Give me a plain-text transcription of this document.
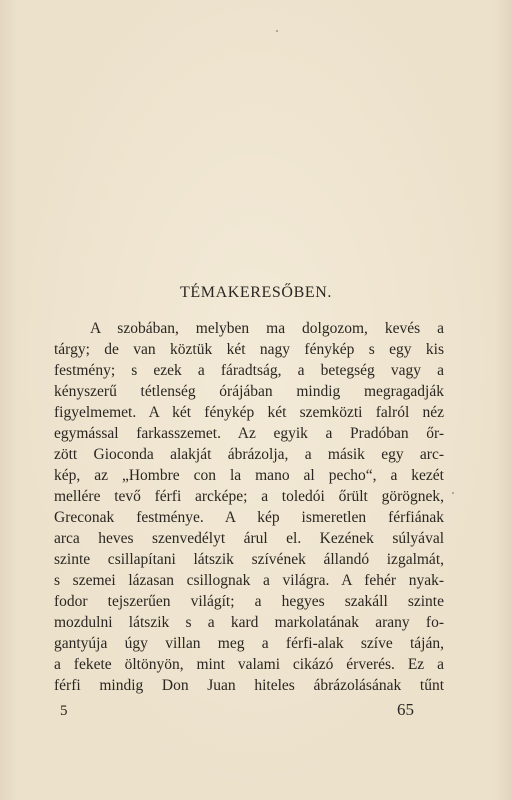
TÉMAKERESŐBEN.
A szobában, melyben ma dolgozom, kevés a
tárgy; de van köztük két nagy fénykép s egy kis
festmény; s ezek a fáradtság, a betegség vagy a
kényszerű tétlenség órájában mindig megragadják
figyelmemet. A két fénykép két szemközti falról néz
egymással farkasszemet. Az egyik a Pradóban őr-
zött Gioconda alakját ábrázolja, a másik egy arc-
kép, az „Hombre con la mano al pecho“, a kezét
mellére tevő férfi arcképe; a toledói őrült görögnek,
Greconak festménye. A kép ismeretlen férfiának
arca heves szenvedélyt árul el. Kezének súlyával
szinte csillapítani látszik szívének állandó izgalmát,
s szemei lázasan csillognak a világra. A fehér nyak-
fodor tejszerűen világít; a hegyes szakáll szinte
mozdulni látszik s a kard markolatának arany fo-
gantyúja úgy villan meg a férfi-alak szíve táján,
a fekete öltönyön, mint valami cikázó érverés. Ez a
férfi mindig Don Juan hiteles ábrázolásának tűnt
5	65
